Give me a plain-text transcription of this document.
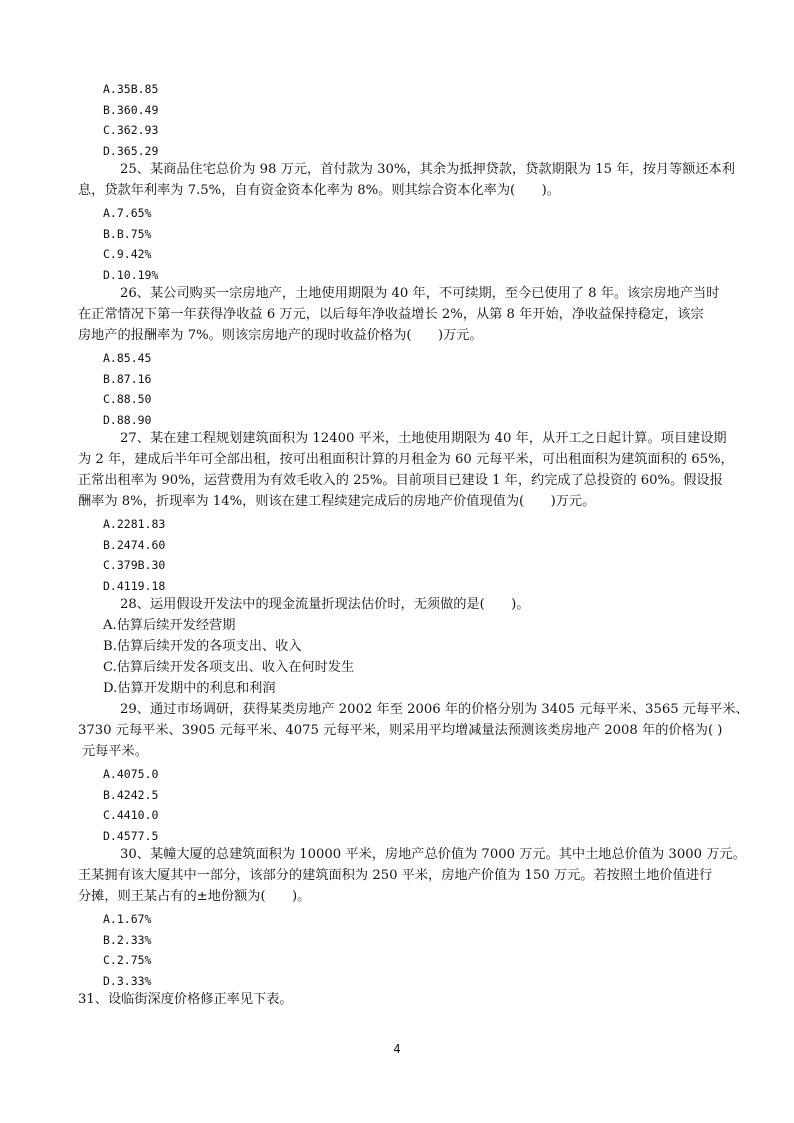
A.35B.85
B.360.49
C.362.93
D.365.29
25、某商品住宅总价为 98 万元，首付款为 30%，其余为抵押贷款，贷款期限为 15 年，按月等额还本利
息，贷款年利率为 7.5%，自有资金资本化率为 8%。则其综合资本化率为(　　)。
A.7.65%
B.B.75%
C.9.42%
D.10.19%
26、某公司购买一宗房地产，土地使用期限为 40 年，不可续期，至今已使用了 8 年。该宗房地产当时
在正常情况下第一年获得净收益 6 万元，以后每年净收益增长 2%，从第 8 年开始，净收益保持稳定，该宗
房地产的报酬率为 7%。则该宗房地产的现时收益价格为(　　)万元。
A.85.45
B.87.16
C.88.50
D.88.90
27、某在建工程规划建筑面积为 12400 平米，土地使用期限为 40 年，从开工之日起计算。项目建设期
为 2 年，建成后半年可全部出租，按可出租面积计算的月租金为 60 元每平米，可出租面积为建筑面积的 65%，
正常出租率为 90%，运营费用为有效毛收入的 25%。目前项目已建设 1 年，约完成了总投资的 60%。假设报
酬率为 8%，折现率为 14%，则该在建工程续建完成后的房地产价值现值为(　　)万元。
A.2281.83
B.2474.60
C.379B.30
D.4119.18
28、运用假设开发法中的现金流量折现法估价时，无须做的是(　　)。
A.估算后续开发经营期
B.估算后续开发的各项支出、收入
C.估算后续开发各项支出、收入在何时发生
D.估算开发期中的利息和利润
29、通过市场调研，获得某类房地产 2002 年至 2006 年的价格分别为 3405 元每平米、3565 元每平米、
3730 元每平米、3905 元每平米、4075 元每平米，则采用平均增减量法预测该类房地产 2008 年的价格为( )
元每平米。
A.4075.0
B.4242.5
C.4410.0
D.4577.5
30、某幢大厦的总建筑面积为 10000 平米，房地产总价值为 7000 万元。其中土地总价值为 3000 万元。
王某拥有该大厦其中一部分，该部分的建筑面积为 250 平米，房地产价值为 150 万元。若按照土地价值进行
分摊，则王某占有的±地份额为(　　)。
A.1.67%
B.2.33%
C.2.75%
D.3.33%
31、设临街深度价格修正率见下表。
4
